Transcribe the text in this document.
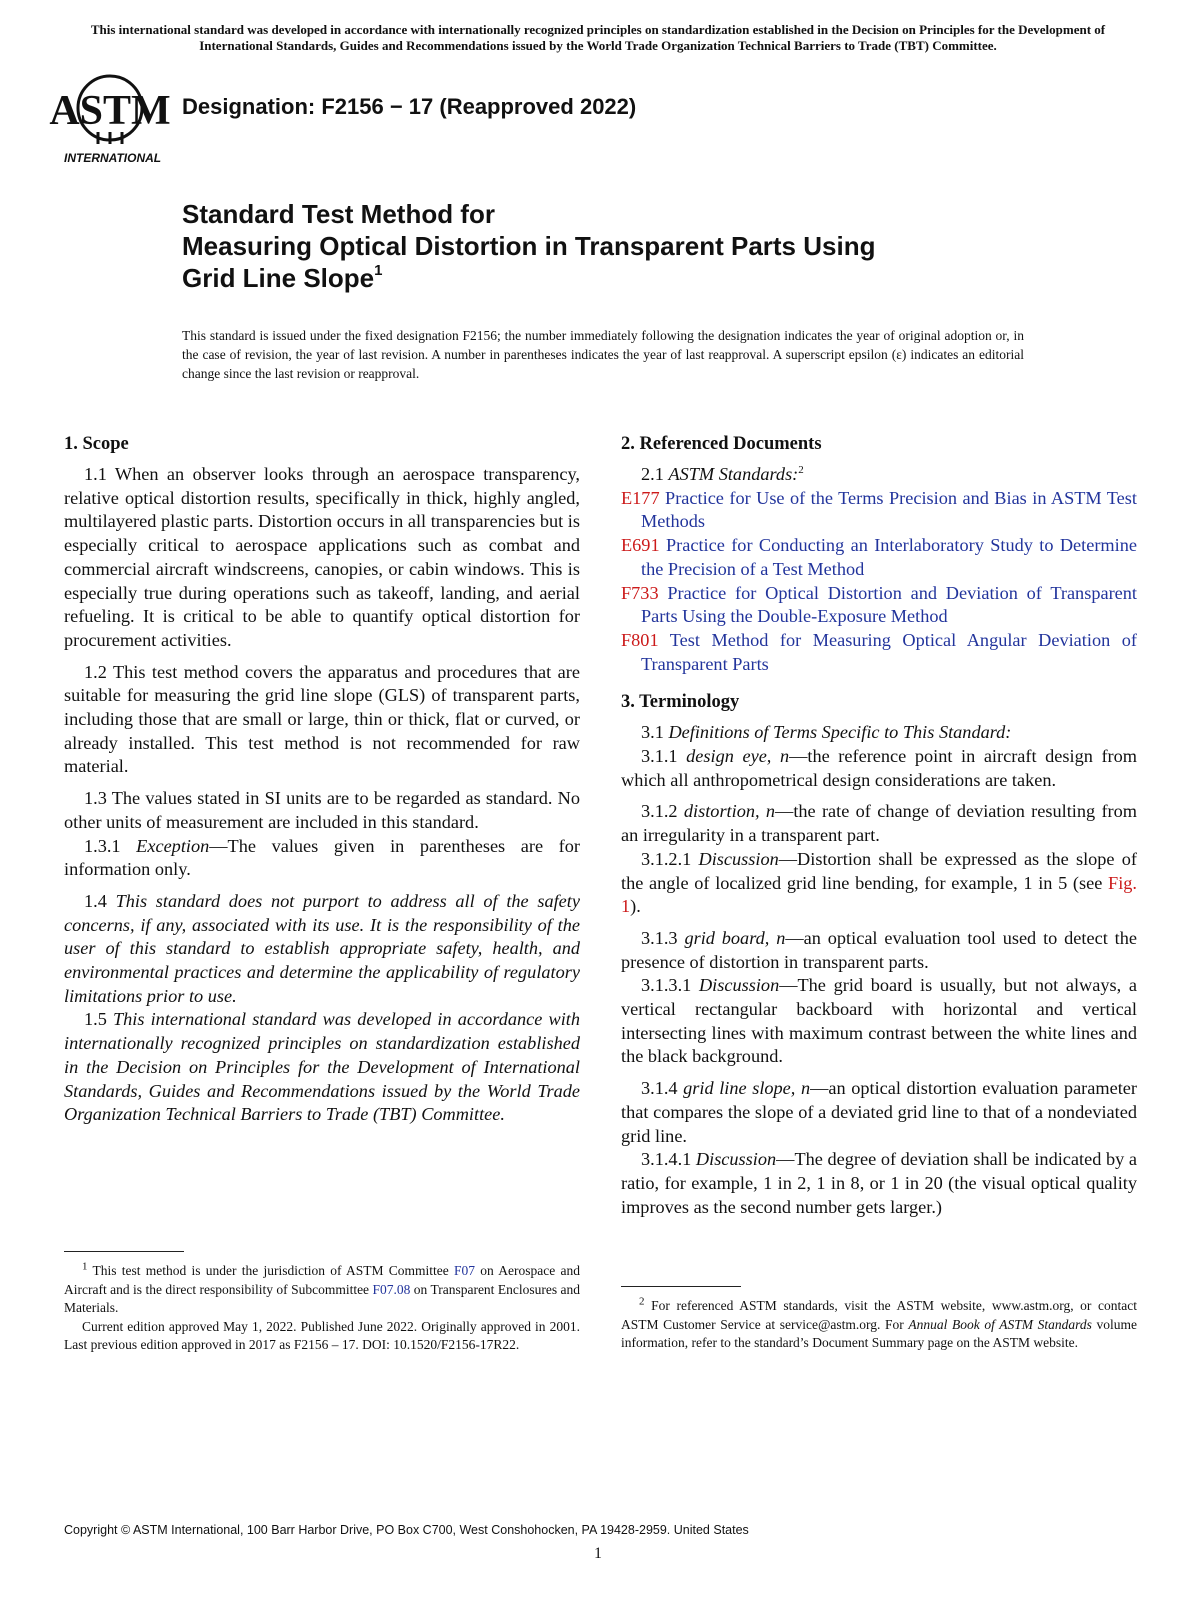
This international standard was developed in accordance with internationally recognized principles on standardization established in the Decision on Principles for the Development of International Standards, Guides and Recommendations issued by the World Trade Organization Technical Barriers to Trade (TBT) Committee.
ASTM
INTERNATIONAL
Designation: F2156 − 17 (Reapproved 2022)
Standard Test Method for
Measuring Optical Distortion in Transparent Parts Using
Grid Line Slope$^1$
This standard is issued under the fixed designation F2156; the number immediately following the designation indicates the year of original adoption or, in the case of revision, the year of last revision. A number in parentheses indicates the year of last reapproval. A superscript epsilon (ε) indicates an editorial change since the last revision or reapproval.
1. Scope

1.1 When an observer looks through an aerospace transparency, relative optical distortion results, specifically in thick, highly angled, multilayered plastic parts. Distortion occurs in all transparencies but is especially critical to aerospace applications such as combat and commercial aircraft windscreens, canopies, or cabin windows. This is especially true during operations such as takeoff, landing, and aerial refueling. It is critical to be able to quantify optical distortion for procurement activities.

1.2 This test method covers the apparatus and procedures that are suitable for measuring the grid line slope (GLS) of transparent parts, including those that are small or large, thin or thick, flat or curved, or already installed. This test method is not recommended for raw material.

1.3 The values stated in SI units are to be regarded as standard. No other units of measurement are included in this standard.

1.3.1 Exception—The values given in parentheses are for information only.

1.4 This standard does not purport to address all of the safety concerns, if any, associated with its use. It is the responsibility of the user of this standard to establish appropriate safety, health, and environmental practices and determine the applicability of regulatory limitations prior to use.

1.5 This international standard was developed in accordance with internationally recognized principles on standardization established in the Decision on Principles for the Development of International Standards, Guides and Recommendations issued by the World Trade Organization Technical Barriers to Trade (TBT) Committee.

2. Referenced Documents

2.1 ASTM Standards:$^2$

E177 Practice for Use of the Terms Precision and Bias in ASTM Test Methods

E691 Practice for Conducting an Interlaboratory Study to Determine the Precision of a Test Method

F733 Practice for Optical Distortion and Deviation of Transparent Parts Using the Double-Exposure Method

F801 Test Method for Measuring Optical Angular Deviation of Transparent Parts

3. Terminology

3.1 Definitions of Terms Specific to This Standard:

3.1.1 design eye, n—the reference point in aircraft design from which all anthropometrical design considerations are taken.

3.1.2 distortion, n—the rate of change of deviation resulting from an irregularity in a transparent part.

3.1.2.1 Discussion—Distortion shall be expressed as the slope of the angle of localized grid line bending, for example, 1 in 5 (see Fig. 1).

3.1.3 grid board, n—an optical evaluation tool used to detect the presence of distortion in transparent parts.

3.1.3.1 Discussion—The grid board is usually, but not always, a vertical rectangular backboard with horizontal and vertical intersecting lines with maximum contrast between the white lines and the black background.

3.1.4 grid line slope, n—an optical distortion evaluation parameter that compares the slope of a deviated grid line to that of a nondeviated grid line.

3.1.4.1 Discussion—The degree of deviation shall be indicated by a ratio, for example, 1 in 2, 1 in 8, or 1 in 20 (the visual optical quality improves as the second number gets larger.)

$^1$ This test method is under the jurisdiction of ASTM Committee F07 on Aerospace and Aircraft and is the direct responsibility of Subcommittee F07.08 on Transparent Enclosures and Materials.

Current edition approved May 1, 2022. Published June 2022. Originally approved in 2001. Last previous edition approved in 2017 as F2156 – 17. DOI: 10.1520/F2156-17R22.

$^2$ For referenced ASTM standards, visit the ASTM website, www.astm.org, or contact ASTM Customer Service at service@astm.org. For Annual Book of ASTM Standards volume information, refer to the standard’s Document Summary page on the ASTM website.

Copyright © ASTM International, 100 Barr Harbor Drive, PO Box C700, West Conshohocken, PA 19428-2959. United States
1
